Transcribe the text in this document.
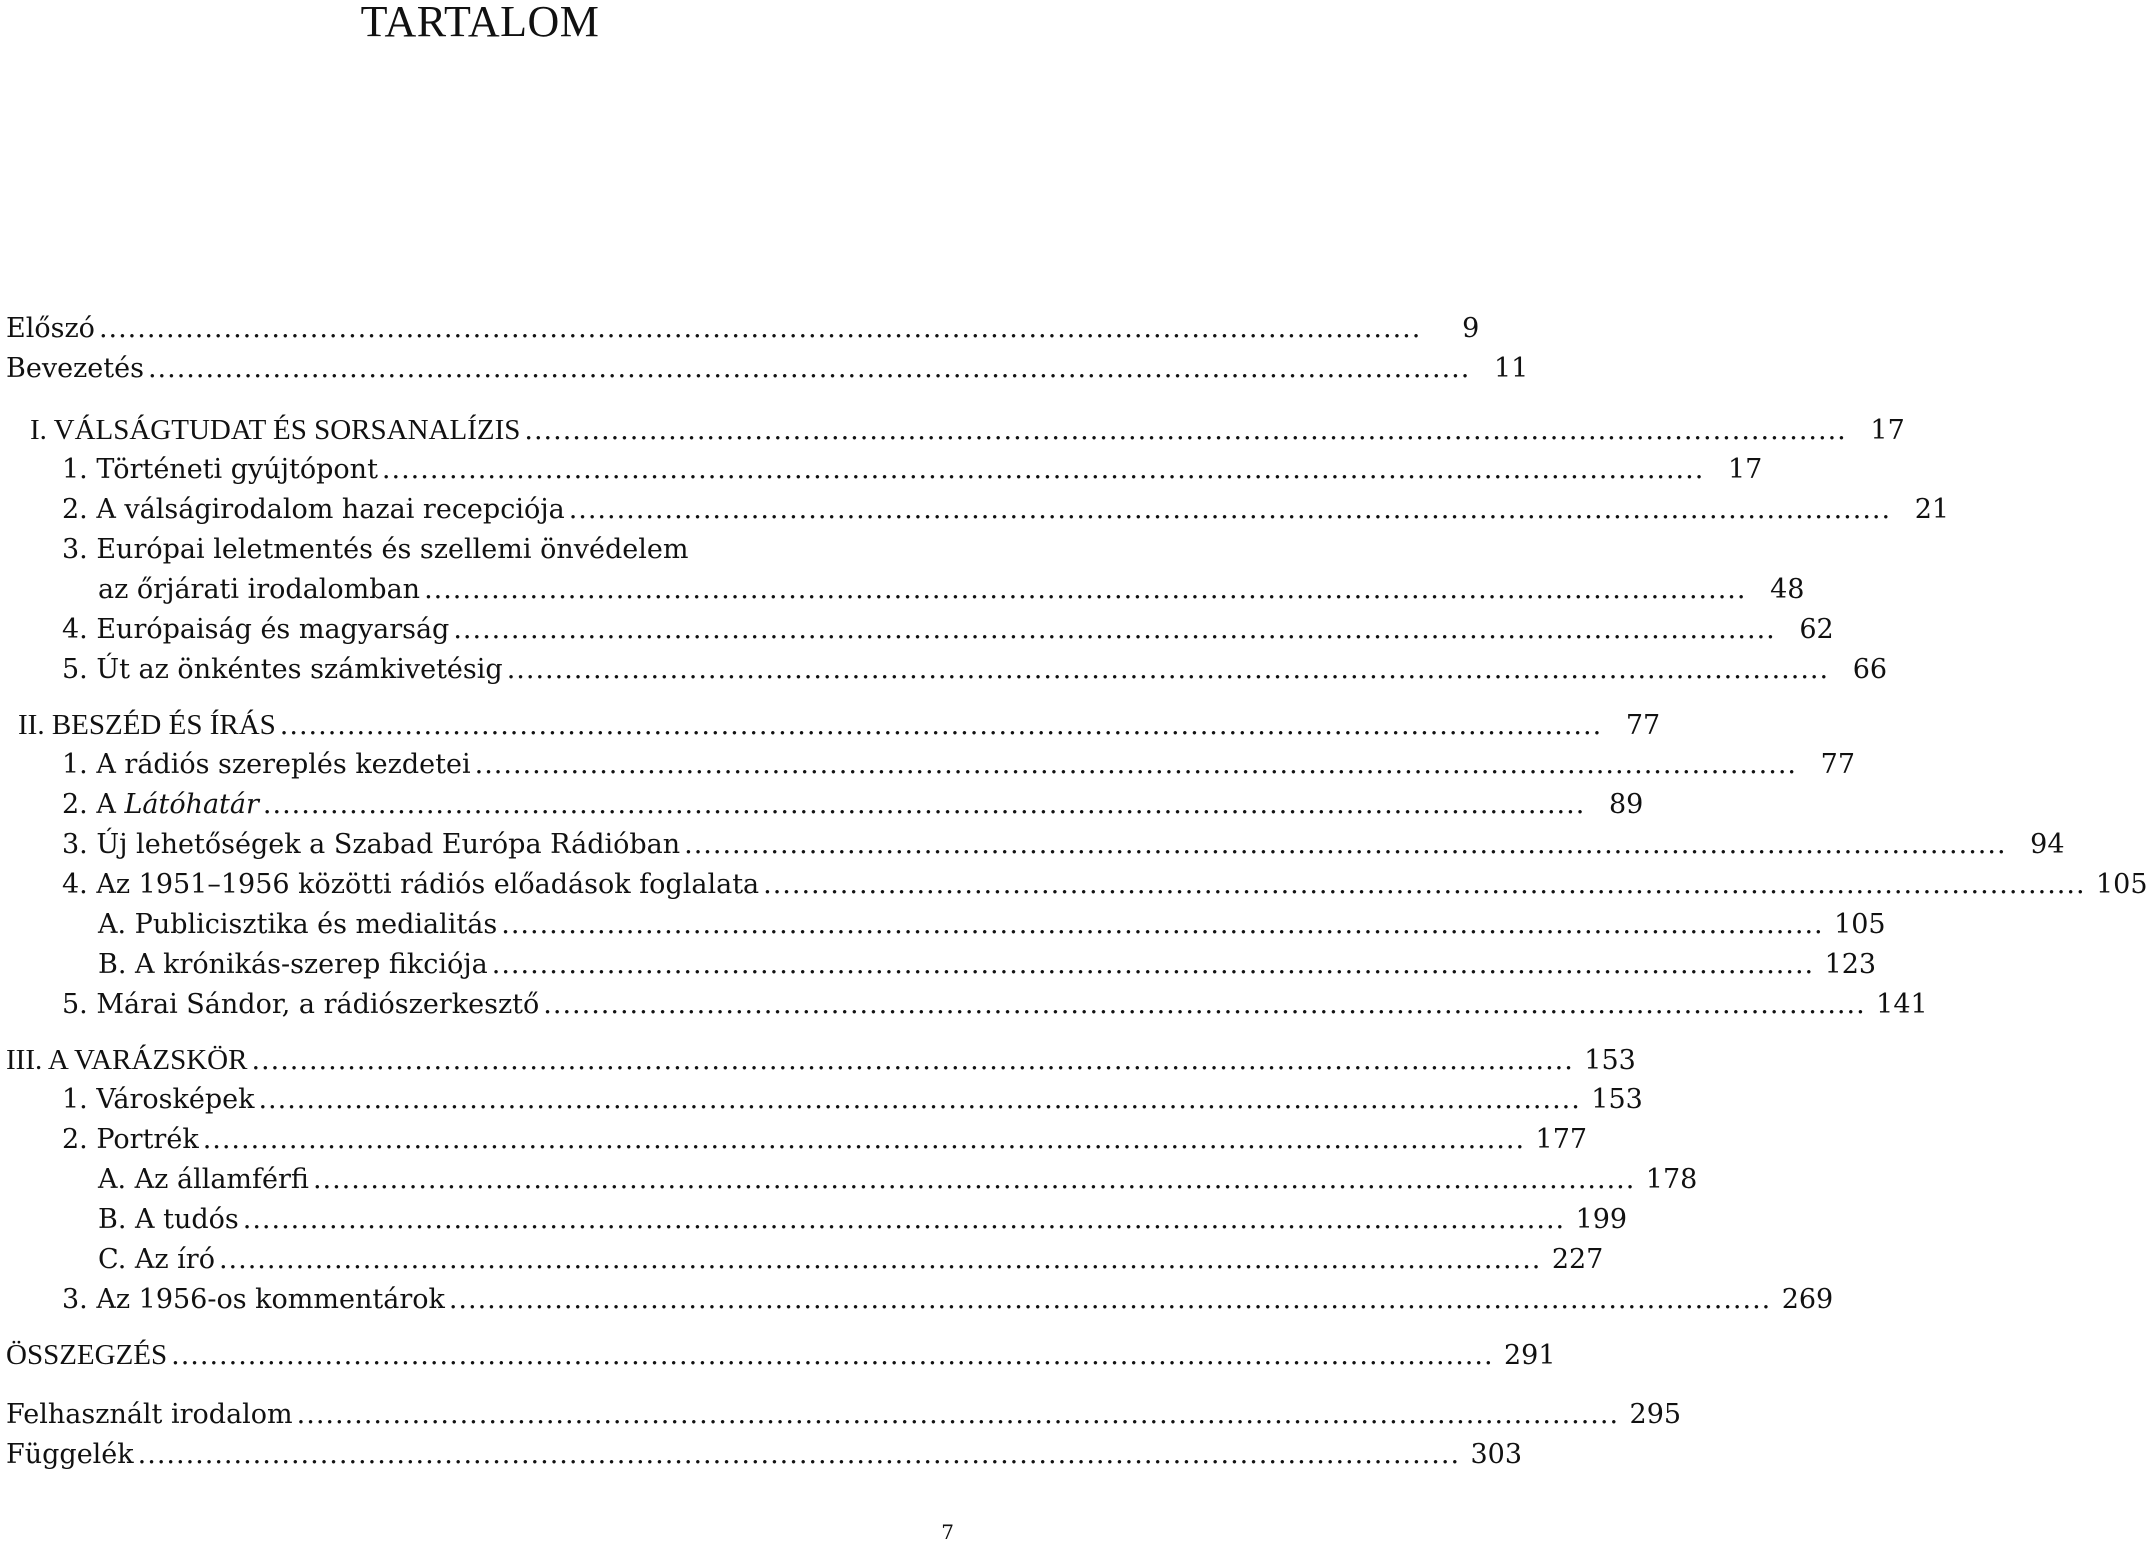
TARTALOM
Előszó ..........................................................................................................................................	9
Bevezetés .......................................................................................................................................... 11
I. VÁLSÁGTUDAT ÉS SORSANALÍZIS .......................................................................................................................................... 17
1. Történeti gyújtópont .......................................................................................................................................... 17
2. A válságirodalom hazai recepciója .......................................................................................................................................... 21
3. Európai leletmentés és szellemi önvédelem
az őrjárati irodalomban .......................................................................................................................................... 48
4. Európaiság és magyarság .......................................................................................................................................... 62
5. Út az önkéntes számkivetésig .......................................................................................................................................... 66
II. BESZÉD ÉS ÍRÁS .......................................................................................................................................... 77
1. A rádiós szereplés kezdetei .......................................................................................................................................... 77
2. A Látóhatár .......................................................................................................................................... 89
3. Új lehetőségek a Szabad Európa Rádióban .......................................................................................................................................... 94
4. Az 1951–1956 közötti rádiós előadások foglalata .......................................................................................................................................... 105
A. Publicisztika és medialitás .......................................................................................................................................... 105
B. A krónikás-szerep fikciója .......................................................................................................................................... 123
5. Márai Sándor, a rádiószerkesztő .......................................................................................................................................... 141
III. A VARÁZSKÖR .......................................................................................................................................... 153
1. Városképek .......................................................................................................................................... 153
2. Portrék .......................................................................................................................................... 177
A. Az államférfi .......................................................................................................................................... 178
B. A tudós .......................................................................................................................................... 199
C. Az író .......................................................................................................................................... 227
3. Az 1956-os kommentárok .......................................................................................................................................... 269
ÖSSZEGZÉS .......................................................................................................................................... 291
Felhasznált irodalom .......................................................................................................................................... 295
Függelék .......................................................................................................................................... 303
7
